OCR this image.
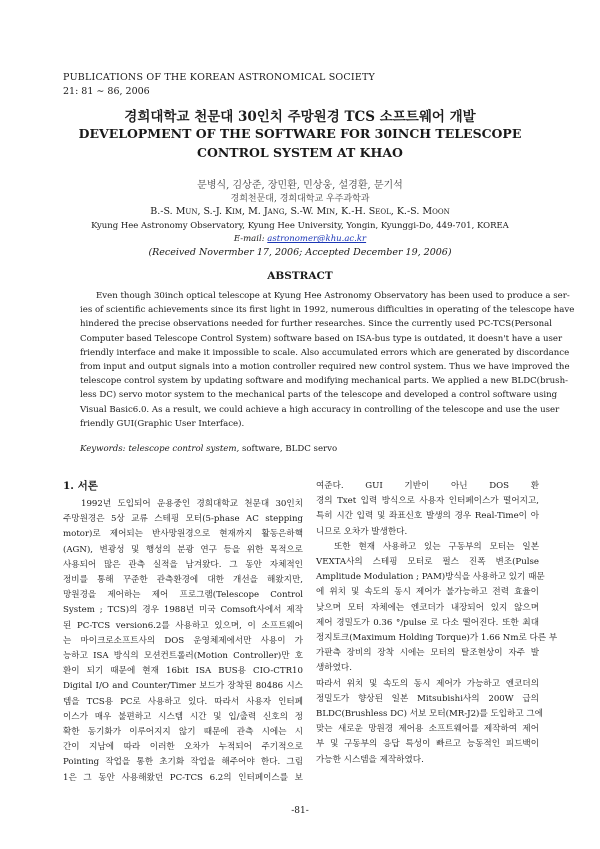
PUBLICATIONS OF THE KOREAN ASTRONOMICAL SOCIETY
21: 81 ∼ 86, 2006
경희대학교 천문대 30인치 주망원경 TCS 소프트웨어 개발
DEVELOPMENT OF THE SOFTWARE FOR 30INCH TELESCOPE CONTROL SYSTEM AT KHAO
문병식, 김상준, 장민환, 민상웅, 설경환, 문기석
경희천문대, 경희대학교 우주과학과
B.-S. Mun, S.-J. Kim, M. Jang, S.-W. Min, K.-H. Seol, K.-S. Moon
Kyung Hee Astronomy Observatory, Kyung Hee University, Yongin, Kyunggi-Do, 449-701, KOREA
E-mail: astronomer@khu.ac.kr
(Received Novermber 17, 2006; Accepted December 19, 2006)
ABSTRACT
Even though 30inch optical telescope at Kyung Hee Astronomy Observatory has been used to produce a ser-
ies of scientific achievements since its first light in 1992, numerous difficulties in operating of the telescope have
hindered the precise observations needed for further researches. Since the currently used PC-TCS(Personal
Computer based Telescope Control System) software based on ISA-bus type is outdated, it doesn't have a user
friendly interface and make it impossible to scale. Also accumulated errors which are generated by discordance
from input and output signals into a motion controller required new control system. Thus we have improved the
telescope control system by updating software and modifying mechanical parts. We applied a new BLDC(brush-
less DC) servo motor system to the mechanical parts of the telescope and developed a control software using
Visual Basic6.0. As a result, we could achieve a high accuracy in controlling of the telescope and use the user
friendly GUI(Graphic User Interface).
Keywords: telescope control system, software, BLDC servo
1. 서론
1992년 도입되어 운용중인 경희대학교 천문대 30인치
주망원경은 5상 교류 스테핑 모터(5-phase AC stepping
motor)로 제어되는 반사망원경으로 현재까지 활동은하핵
(AGN), 변광성 및 행성의 분광 연구 등을 위한 목적으로
사용되어 많은 관측 실적을 남겨왔다. 그 동안 자체적인
정비를 통해 꾸준한 관측환경에 대한 개선을 해왔지만,
망원경을 제어하는 제어 프로그램(Telescope Control
System ; TCS)의 경우 1988년 미국 Comsoft사에서 제작
된 PC-TCS version6.2를 사용하고 있으며, 이 소프트웨어
는 마이크로소프트사의 DOS 운영체제에서만 사용이 가
능하고 ISA 방식의 모션컨트롤러(Motion Controller)만 호
환이 되기 때문에 현재 16bit ISA BUS용 CIO-CTR10
Digital I/O and Counter/Timer 보드가 장착된 80486 시스
템을 TCS용 PC로 사용하고 있다. 따라서 사용자 인터페
이스가 매우 불편하고 시스템 시간 및 입/출력 신호의 정
확한 동기화가 이루어지지 않기 때문에 관측 시에는 시
간이 지남에 따라 이러한 오차가 누적되어 주기적으로
Pointing 작업을 통한 초기화 작업을 해주어야 한다. 그림
1은 그 동안 사용해왔던 PC-TCS 6.2의 인터페이스를 보
여준다. GUI 기반이 아닌 DOS 환
경의 Txet 입력 방식으로 사용자 인터페이스가 떨어지고,
특히 시간 입력 및 좌표신호 발생의 경우 Real-Time이 아
니므로 오차가 발생한다.
또한 현재 사용하고 있는 구동부의 모터는 일본
VEXTA사의 스테핑 모터로 펄스 진폭 변조(Pulse
Amplitude Modulation ; PAM)방식을 사용하고 있기 때문
에 위치 및 속도의 동시 제어가 불가능하고 전력 효율이
낮으며 모터 자체에는 엔코더가 내장되어 있지 않으며
제어 경밀도가 0.36 °/pulse 로 다소 떨어진다. 또한 최대
정지토크(Maximum Holding Torque)가 1.66 Nm로 다른 부
가판측 장비의 장착 시에는 모터의 탈조현상이 자주 발
생하였다.
따라서 위치 및 속도의 동시 제어가 가능하고 엔코더의
정밀도가 향상된 일본 Mitsubishi사의 200W 급의
BLDC(Brushless DC) 서보 모터(MR-J2)를 도입하고 그에
맞는 새로운 망원경 제어용 소프트웨어를 제작하여 제어
부 및 구동부의 응답 특성이 빠르고 능동적인 피드백이
가능한 시스템을 제작하였다.
-81-
